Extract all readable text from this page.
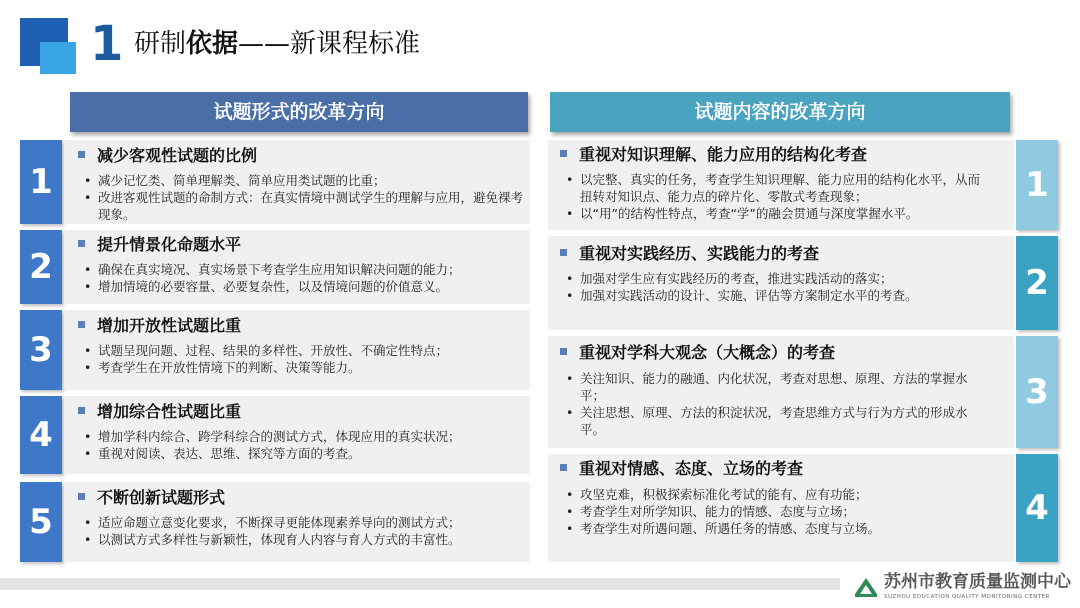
1 研制依据——新课程标准
试题形式的改革方向	试题内容的改革方向
1
减少客观性试题的比例
• 减少记忆类、简单理解类、简单应用类试题的比重；
• 改进客观性试题的命制方式：在真实情境中测试学生的理解与应用，避免裸考现象。
2
提升情景化命题水平
• 确保在真实境况、真实场景下考查学生应用知识解决问题的能力；
• 增加情境的必要容量、必要复杂性，以及情境问题的价值意义。
3
增加开放性试题比重
• 试题呈现问题、过程、结果的多样性、开放性、不确定性特点；
• 考查学生在开放性情境下的判断、决策等能力。
4
增加综合性试题比重
• 增加学科内综合、跨学科综合的测试方式，体现应用的真实状况；
• 重视对阅读、表达、思维、探究等方面的考查。
5
不断创新试题形式
• 适应命题立意变化要求，不断探寻更能体现素养导向的测试方式；
• 以测试方式多样性与新颖性，体现育人内容与育人方式的丰富性。
重视对知识理解、能力应用的结构化考查
• 以完整、真实的任务，考查学生知识理解、能力应用的结构化水平，从而扭转对知识点、能力点的碎片化、零散式考查现象；
• 以“用”的结构性特点，考查“学”的融会贯通与深度掌握水平。
1
重视对实践经历、实践能力的考查
• 加强对学生应有实践经历的考查，推进实践活动的落实；
• 加强对实践活动的设计、实施、评估等方案制定水平的考查。	2
重视对学科大观念（大概念）的考查
• 关注知识、能力的融通、内化状况，考查对思想、原理、方法的掌握水平；
• 关注思想、原理、方法的积淀状况，考查思维方式与行为方式的形成水平。
3
重视对情感、态度、立场的考查
• 攻坚克难，积极探索标准化考试的能有、应有功能；
• 考查学生对所学知识、能力的情感、态度与立场；
• 考查学生对所遇问题、所遇任务的情感、态度与立场。
4
苏州市教育质量监测中心
SUZHOU EDUCATION QUALITY MONITORING CENTER
